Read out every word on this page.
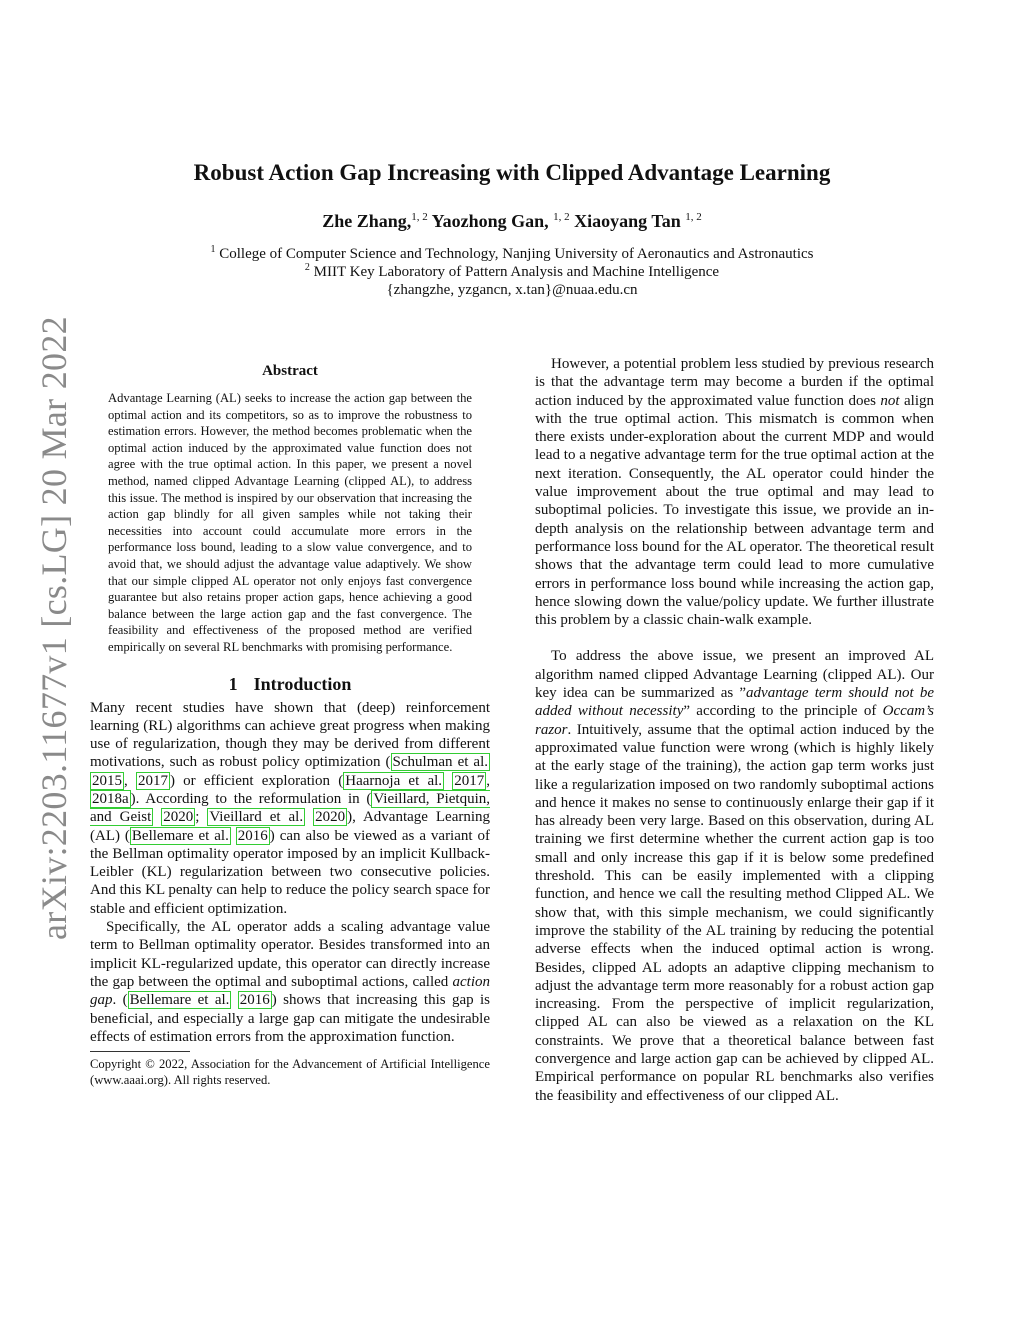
arXiv:2203.11677v1 [cs.LG] 20 Mar 2022
Robust Action Gap Increasing with Clipped Advantage Learning
Zhe Zhang,$^{1, 2}$ Yaozhong Gan, $^{1, 2}$ Xiaoyang Tan $^{1, 2}$
$^1$ College of Computer Science and Technology, Nanjing University of Aeronautics and Astronautics
$^2$ MIIT Key Laboratory of Pattern Analysis and Machine Intelligence
{zhangzhe, yzgancn, x.tan}@nuaa.edu.cn
Abstract

Advantage Learning (AL) seeks to increase the action gap between the optimal action and its competitors, so as to improve the robustness to estimation errors. However, the method becomes problematic when the optimal action induced by the approximated value function does not agree with the true optimal action. In this paper, we present a novel method, named clipped Advantage Learning (clipped AL), to address this issue. The method is inspired by our observation that increasing the action gap blindly for all given samples while not taking their necessities into account could accumulate more errors in the performance loss bound, leading to a slow value convergence, and to avoid that, we should adjust the advantage value adaptively. We show that our simple clipped AL operator not only enjoys fast convergence guarantee but also retains proper action gaps, hence achieving a good balance between the large action gap and the fast convergence. The feasibility and effectiveness of the proposed method are verified empirically on several RL benchmarks with promising performance.

1 Introduction

Many recent studies have shown that (deep) reinforcement learning (RL) algorithms can achieve great progress when making use of regularization, though they may be derived from different motivations, such as robust policy optimization ( Schulman et al. 2015 , 2017 ) or efficient exploration ( Haarnoja et al. 2017 , 2018a ). According to the reformulation in ( Vieillard, Pietquin, and Geist 2020 ; Vieillard et al. 2020 ), Advantage Learning (AL) ( Bellemare et al. 2016 ) can also be viewed as a variant of the Bellman optimality operator imposed by an implicit Kullback-Leibler (KL) regularization between two consecutive policies. And this KL penalty can help to reduce the policy search space for stable and efficient optimization.

Specifically, the AL operator adds a scaling advantage value term to Bellman optimality operator. Besides transformed into an implicit KL-regularized update, this operator can directly increase the gap between the optimal and suboptimal actions, called action gap. ( Bellemare et al. 2016 ) shows that increasing this gap is beneficial, and especially a large gap can mitigate the undesirable effects of estimation errors from the approximation function.

Copyright © 2022, Association for the Advancement of Artificial Intelligence (www.aaai.org). All rights reserved.

However, a potential problem less studied by previous research is that the advantage term may become a burden if the optimal action induced by the approximated value function does not align with the true optimal action. This mismatch is common when there exists under-exploration about the current MDP and would lead to a negative advantage term for the true optimal action at the next iteration. Consequently, the AL operator could hinder the value improvement about the true optimal and may lead to suboptimal policies. To investigate this issue, we provide an in-depth analysis on the relationship between advantage term and performance loss bound for the AL operator. The theoretical result shows that the advantage term could lead to more cumulative errors in performance loss bound while increasing the action gap, hence slowing down the value/policy update. We further illustrate this problem by a classic chain-walk example.

To address the above issue, we present an improved AL algorithm named clipped Advantage Learning (clipped AL). Our key idea can be summarized as ”advantage term should not be added without necessity” according to the principle of Occam’s razor. Intuitively, assume that the optimal action induced by the approximated value function were wrong (which is highly likely at the early stage of the training), the action gap term works just like a regularization imposed on two randomly suboptimal actions and hence it makes no sense to continuously enlarge their gap if it has already been very large. Based on this observation, during AL training we first determine whether the current action gap is too small and only increase this gap if it is below some predefined threshold. This can be easily implemented with a clipping function, and hence we call the resulting method Clipped AL. We show that, with this simple mechanism, we could significantly improve the stability of the AL training by reducing the potential adverse effects when the induced optimal action is wrong. Besides, clipped AL adopts an adaptive clipping mechanism to adjust the advantage term more reasonably for a robust action gap increasing. From the perspective of implicit regularization, clipped AL can also be viewed as a relaxation on the KL constraints. We prove that a theoretical balance between fast convergence and large action gap can be achieved by clipped AL. Empirical performance on popular RL benchmarks also verifies the feasibility and effectiveness of our clipped AL.
